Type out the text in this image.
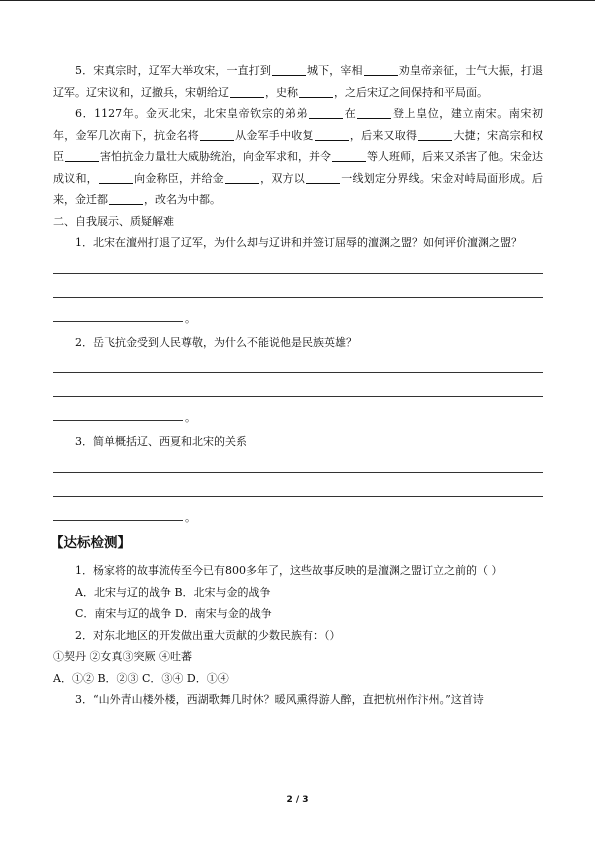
5．宋真宗时，辽军大举攻宋，一直打到	城下，宰相	劝皇帝亲征，士气大振，打退辽军。辽宋议和，辽撤兵，宋朝给辽	，史称	，之后宋辽之间保持和平局面。

6．1127年。金灭北宋，北宋皇帝钦宗的弟弟	在	登上皇位，建立南宋。南宋初年，金军几次南下，抗金名将	从金军手中收复	，后来又取得	大捷；宋高宗和权臣	害怕抗金力量壮大威胁统治，向金军求和，并令	等人班师，后来又杀害了他。宋金达成议和，	向金称臣，并给金	，双方以	一线划定分界线。宋金对峙局面形成。后来，金迁都	，改名为中都。

二、自我展示、质疑解难

1．北宋在澶州打退了辽军，为什么却与辽讲和并签订屈辱的澶渊之盟？如何评价澶渊之盟？

。

2．岳飞抗金受到人民尊敬，为什么不能说他是民族英雄？

。

3．简单概括辽、西夏和北宋的关系

。
【达标检测】

1．杨家将的故事流传至今已有800多年了，这些故事反映的是澶渊之盟订立之前的（ ）

A．北宋与辽的战争 B．北宋与金的战争

C．南宋与辽的战争 D．南宋与金的战争

2．对东北地区的开发做出重大贡献的少数民族有：（）

①契丹 ②女真③突厥 ④吐蕃

A．①② B．②③ C．③④ D．①④

3．“山外青山楼外楼，西湖歌舞几时休？暖风熏得游人醉，直把杭州作汴州。”这首诗

2 / 3
